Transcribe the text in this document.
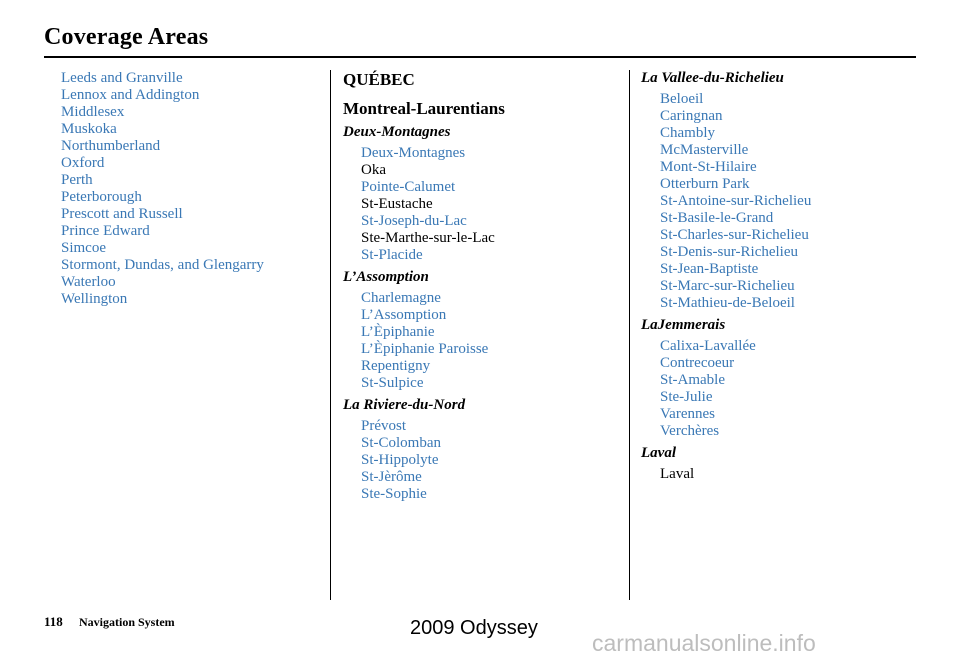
Coverage Areas
Leeds and Granville
Lennox and Addington
Middlesex
Muskoka
Northumberland
Oxford
Perth
Peterborough
Prescott and Russell
Prince Edward
Simcoe
Stormont, Dundas, and Glengarry
Waterloo
Wellington
QUÉBEC
Montreal-Laurentians
Deux-Montagnes
Deux-Montagnes
Oka
Pointe-Calumet
St-Eustache
St-Joseph-du-Lac
Ste-Marthe-sur-le-Lac
St-Placide
L’Assomption
Charlemagne
L’Assomption
L’Èpiphanie
L’Èpiphanie Paroisse
Repentigny
St-Sulpice
La Riviere-du-Nord
Prévost
St-Colomban
St-Hippolyte
St-Jèrôme
Ste-Sophie
La Vallee-du-Richelieu
Beloeil
Caringnan
Chambly
McMasterville
Mont-St-Hilaire
Otterburn Park
St-Antoine-sur-Richelieu
St-Basile-le-Grand
St-Charles-sur-Richelieu
St-Denis-sur-Richelieu
St-Jean-Baptiste
St-Marc-sur-Richelieu
St-Mathieu-de-Beloeil
LaJemmerais
Calixa-Lavallée
Contrecoeur
St-Amable
Ste-Julie
Varennes
Verchères
Laval
Laval
118 Navigation System	2009 Odyssey
carmanualsonline.info
